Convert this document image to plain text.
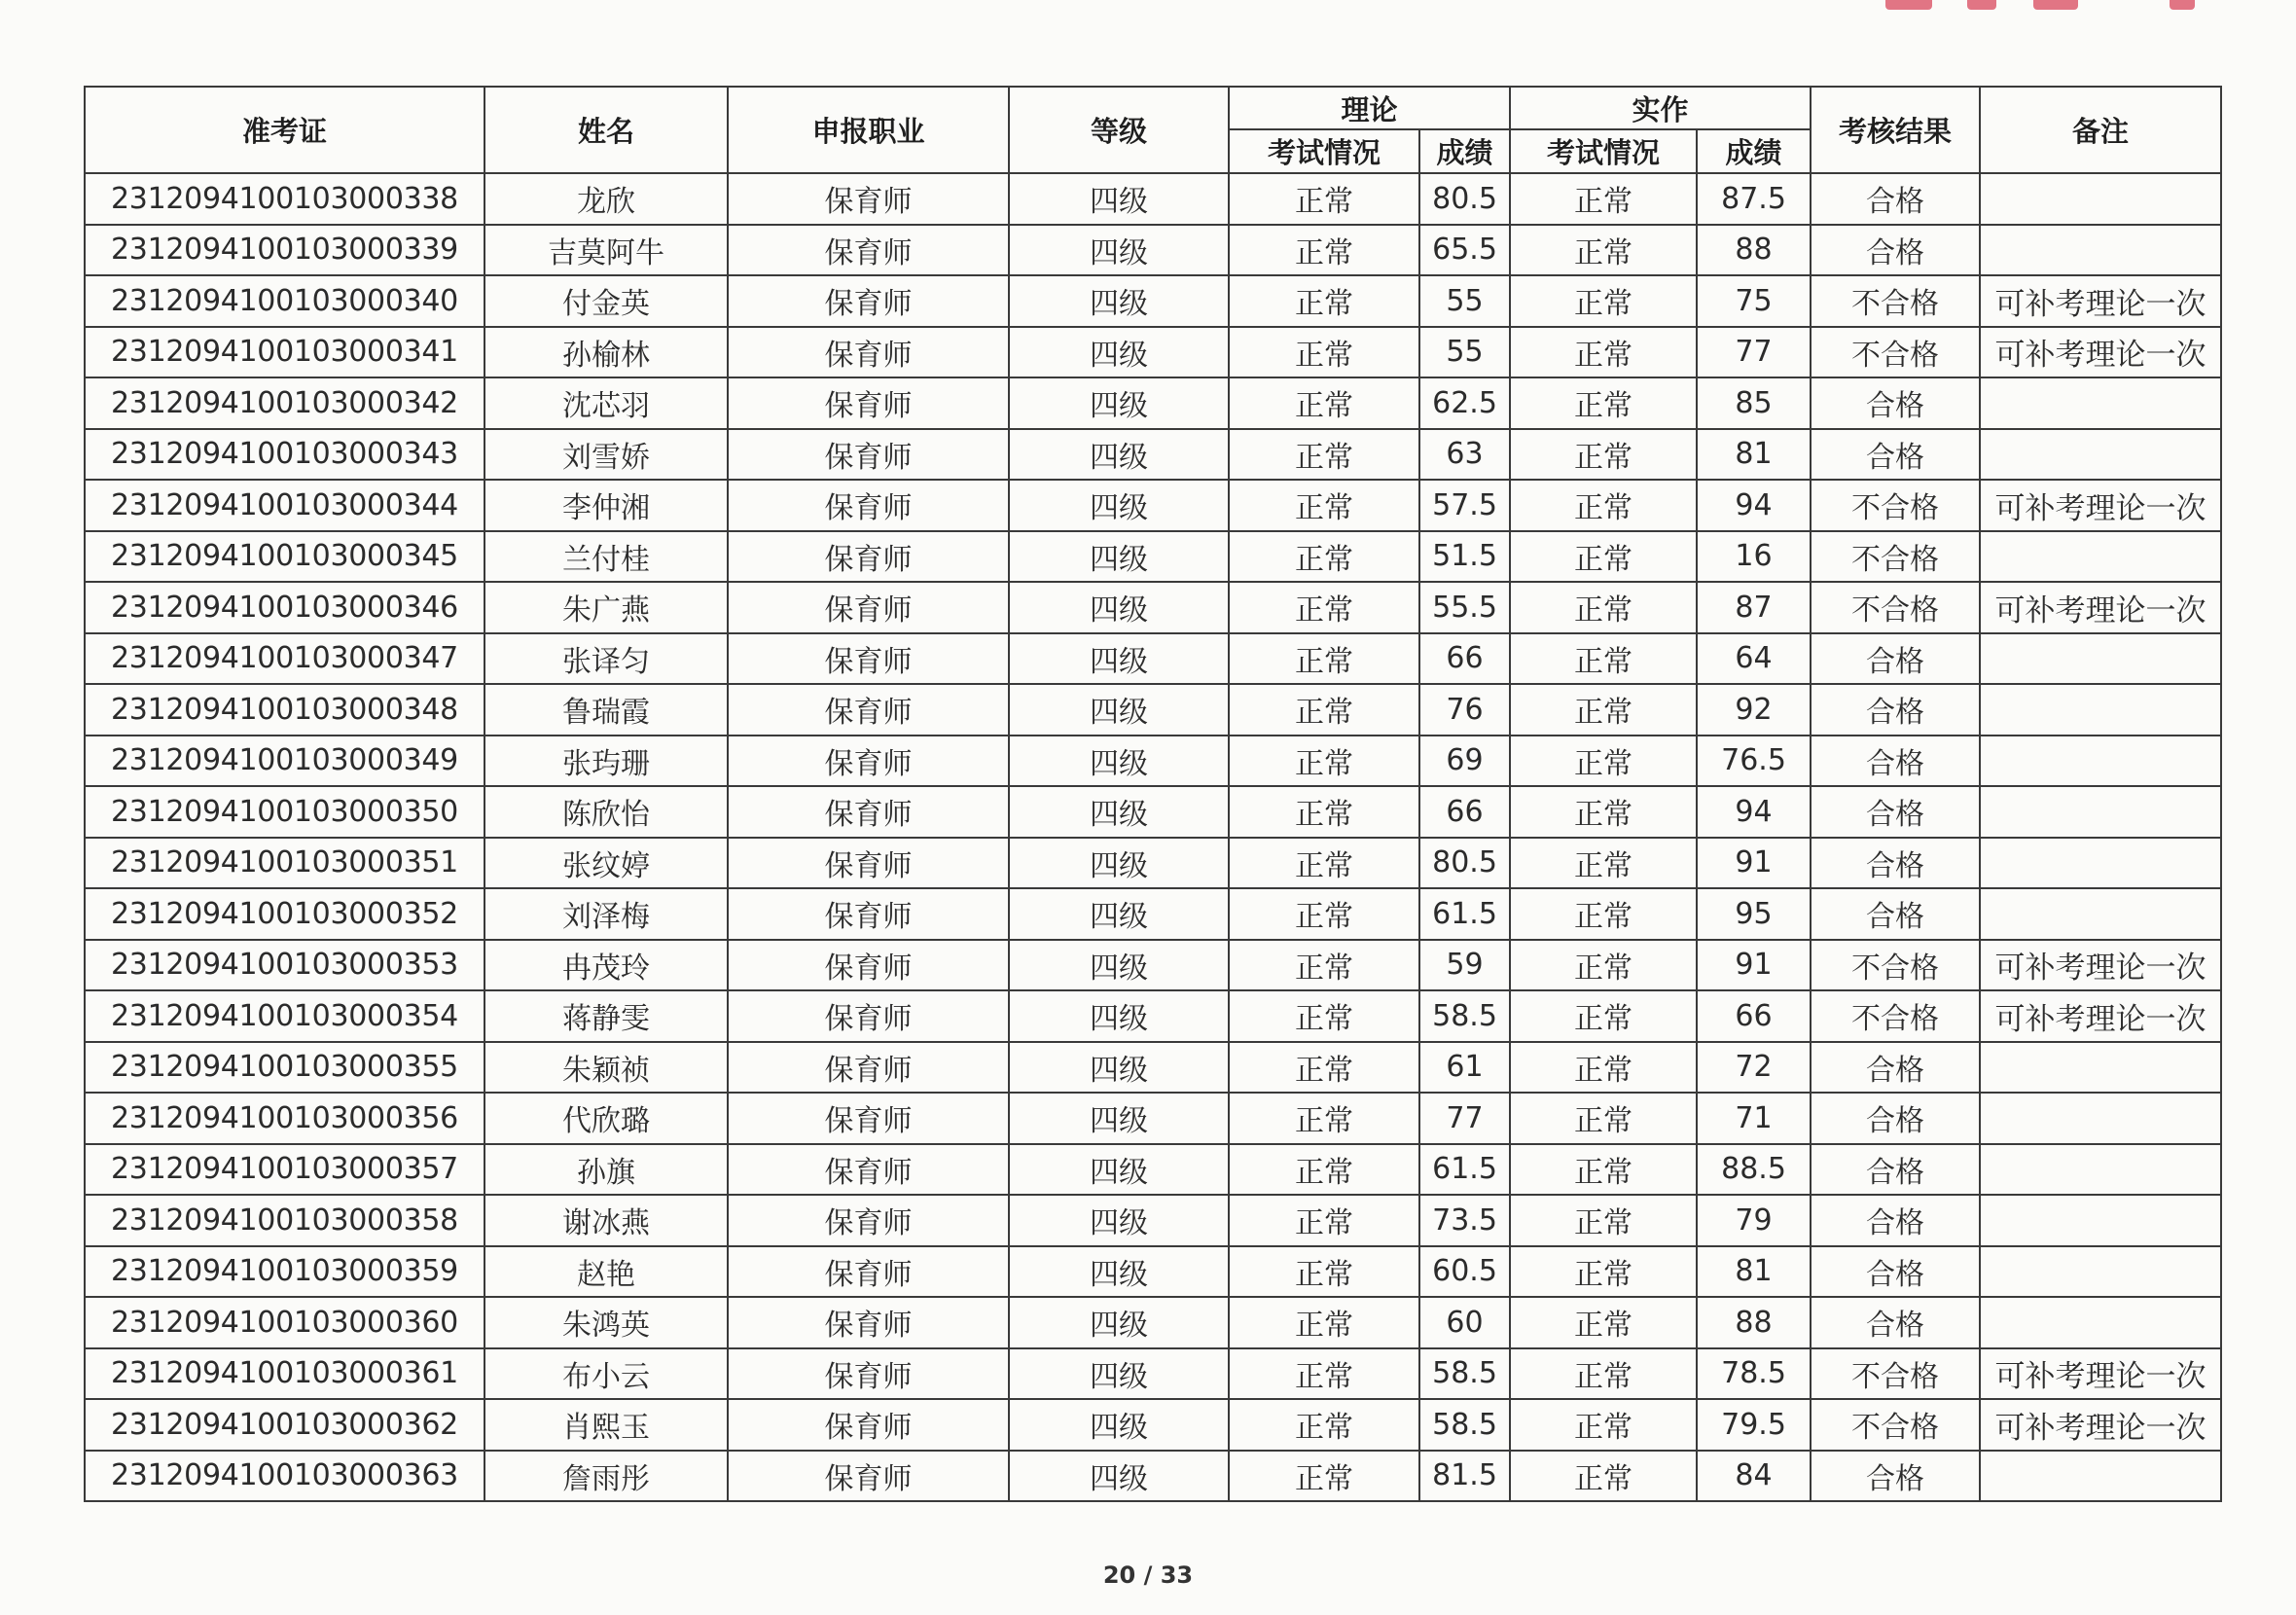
准考证	姓名	申报职业	等级	理论		实作		考核结果	备注
				考试情况	成绩	考试情况	成绩		
2312094100103000338	龙欣	保育师	四级	正常	80.5	正常	87.5	合格	
2312094100103000339	吉莫阿牛	保育师	四级	正常	65.5	正常	88	合格	
2312094100103000340	付金英	保育师	四级	正常	55	正常	75	不合格	可补考理论一次
2312094100103000341	孙榆林	保育师	四级	正常	55	正常	77	不合格	可补考理论一次
2312094100103000342	沈芯羽	保育师	四级	正常	62.5	正常	85	合格	
2312094100103000343	刘雪娇	保育师	四级	正常	63	正常	81	合格	
2312094100103000344	李仲湘	保育师	四级	正常	57.5	正常	94	不合格	可补考理论一次
2312094100103000345	兰付桂	保育师	四级	正常	51.5	正常	16	不合格	
2312094100103000346	朱广燕	保育师	四级	正常	55.5	正常	87	不合格	可补考理论一次
2312094100103000347	张译匀	保育师	四级	正常	66	正常	64	合格	
2312094100103000348	鲁瑞霞	保育师	四级	正常	76	正常	92	合格	
2312094100103000349	张玙珊	保育师	四级	正常	69	正常	76.5	合格	
2312094100103000350	陈欣怡	保育师	四级	正常	66	正常	94	合格	
2312094100103000351	张纹婷	保育师	四级	正常	80.5	正常	91	合格	
2312094100103000352	刘泽梅	保育师	四级	正常	61.5	正常	95	合格	
2312094100103000353	冉茂玲	保育师	四级	正常	59	正常	91	不合格	可补考理论一次
2312094100103000354	蒋静雯	保育师	四级	正常	58.5	正常	66	不合格	可补考理论一次
2312094100103000355	朱颖祯	保育师	四级	正常	61	正常	72	合格	
2312094100103000356	代欣璐	保育师	四级	正常	77	正常	71	合格	
2312094100103000357	孙旗	保育师	四级	正常	61.5	正常	88.5	合格	
2312094100103000358	谢冰燕	保育师	四级	正常	73.5	正常	79	合格	
2312094100103000359	赵艳	保育师	四级	正常	60.5	正常	81	合格	
2312094100103000360	朱鸿英	保育师	四级	正常	60	正常	88	合格	
2312094100103000361	布小云	保育师	四级	正常	58.5	正常	78.5	不合格	可补考理论一次
2312094100103000362	肖熙玉	保育师	四级	正常	58.5	正常	79.5	不合格	可补考理论一次
2312094100103000363	詹雨彤	保育师	四级	正常	81.5	正常	84	合格	
20 / 33
